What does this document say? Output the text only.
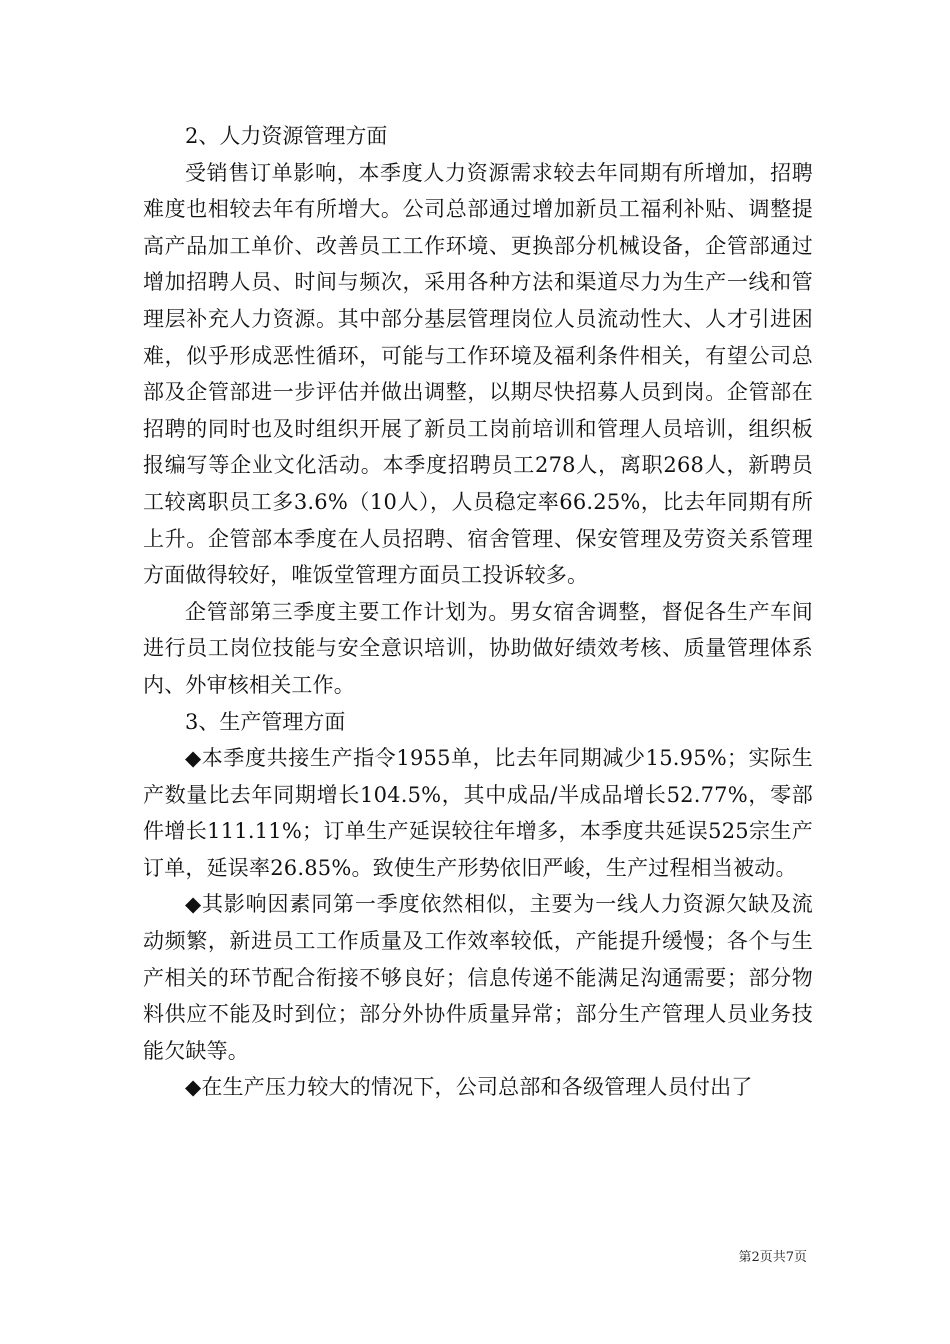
2、人力资源管理方面

受销售订单影响，本季度人力资源需求较去年同期有所增加，招聘难度也相较去年有所增大。公司总部通过增加新员工福利补贴、调整提高产品加工单价、改善员工工作环境、更换部分机械设备，企管部通过增加招聘人员、时间与频次，采用各种方法和渠道尽力为生产一线和管理层补充人力资源。其中部分基层管理岗位人员流动性大、人才引进困难，似乎形成恶性循环，可能与工作环境及福利条件相关，有望公司总部及企管部进一步评估并做出调整，以期尽快招募人员到岗。企管部在招聘的同时也及时组织开展了新员工岗前培训和管理人员培训，组织板报编写等企业文化活动。本季度招聘员工278人，离职268人，新聘员工较离职员工多3.6%（10人），人员稳定率66.25%，比去年同期有所上升。企管部本季度在人员招聘、宿舍管理、保安管理及劳资关系管理方面做得较好，唯饭堂管理方面员工投诉较多。

企管部第三季度主要工作计划为。男女宿舍调整，督促各生产车间进行员工岗位技能与安全意识培训，协助做好绩效考核、质量管理体系内、外审核相关工作。

3、生产管理方面

◆本季度共接生产指令1955单，比去年同期减少15.95%；实际生产数量比去年同期增长104.5%，其中成品/半成品增长52.77%，零部件增长111.11%；订单生产延误较往年增多，本季度共延误525宗生产订单，延误率26.85%。致使生产形势依旧严峻，生产过程相当被动。

◆其影响因素同第一季度依然相似，主要为一线人力资源欠缺及流动频繁，新进员工工作质量及工作效率较低，产能提升缓慢；各个与生产相关的环节配合衔接不够良好；信息传递不能满足沟通需要；部分物料供应不能及时到位；部分外协件质量异常；部分生产管理人员业务技能欠缺等。

◆在生产压力较大的情况下，公司总部和各级管理人员付出了

第2页共7页
